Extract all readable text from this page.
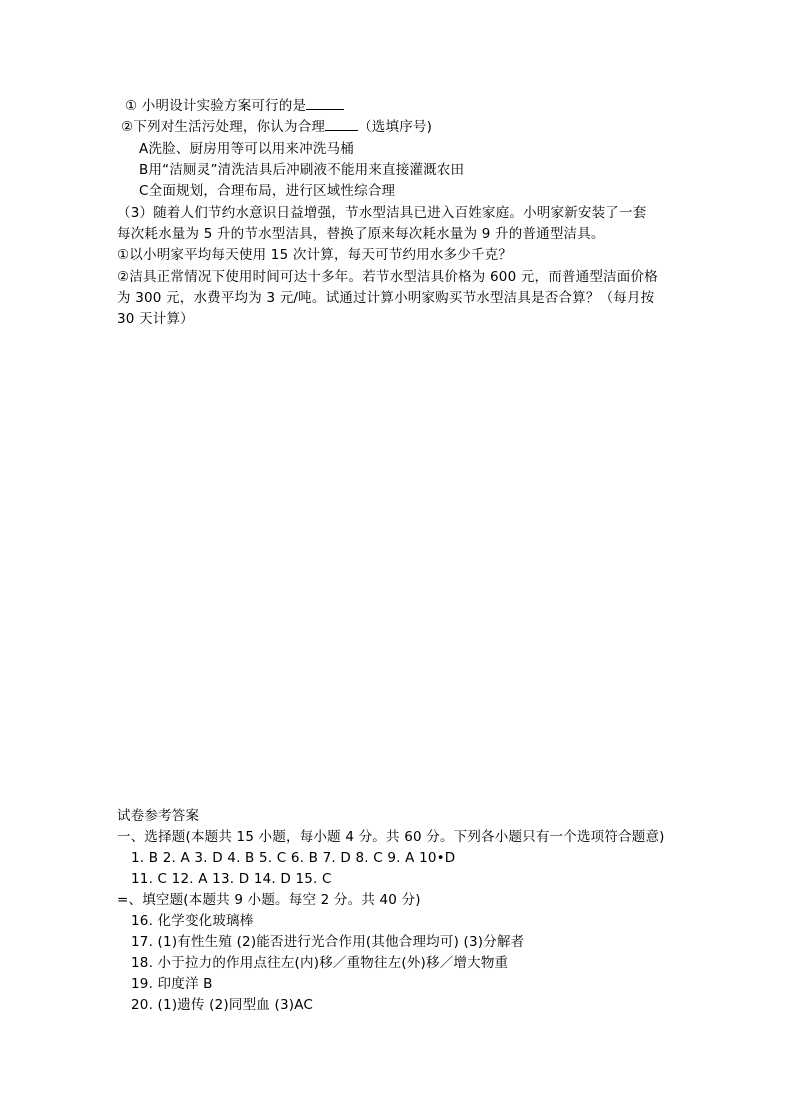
① 小明设计实验方案可行的是
②下列对生活污处理，你认为合理 （选填序号)
A洗脸、厨房用等可以用来冲洗马桶
B用“洁厕灵”清洗洁具后冲刷液不能用来直接灌溉农田
C全面规划，合理布局，进行区域性综合理
（3）随着人们节约水意识日益增强，节水型洁具已进入百姓家庭。小明家新安装了一套
每次耗水量为 5 升的节水型洁具，替换了原来每次耗水量为 9 升的普通型洁具。
①以小明家平均每天使用 15 次计算，每天可节约用水多少千克？
②洁具正常情况下使用时间可达十多年。若节水型洁具价格为 600 元，而普通型洁面价格
为 300 元，水费平均为 3 元/吨。试通过计算小明家购买节水型洁具是否合算？（每月按
30 天计算）
试卷参考答案
一、选择题(本题共 15 小题，每小题 4 分。共 60 分。下列各小题只有一个选项符合题意)
1. B 2. A 3. D 4. B 5. C 6. B 7. D 8. C 9. A 10•D
11. C 12. A 13. D 14. D 15. C
=、填空题(本题共 9 小题。每空 2 分。共 40 分)
16. 化学变化玻璃棒
17. (1)有性生殖 (2)能否进行光合作用(其他合理均可) (3)分解者
18. 小于拉力的作用点往左(内)移／重物往左(外)移／增大物重
19. 印度洋 B
20. (1)遗传 (2)同型血 (3)AC
